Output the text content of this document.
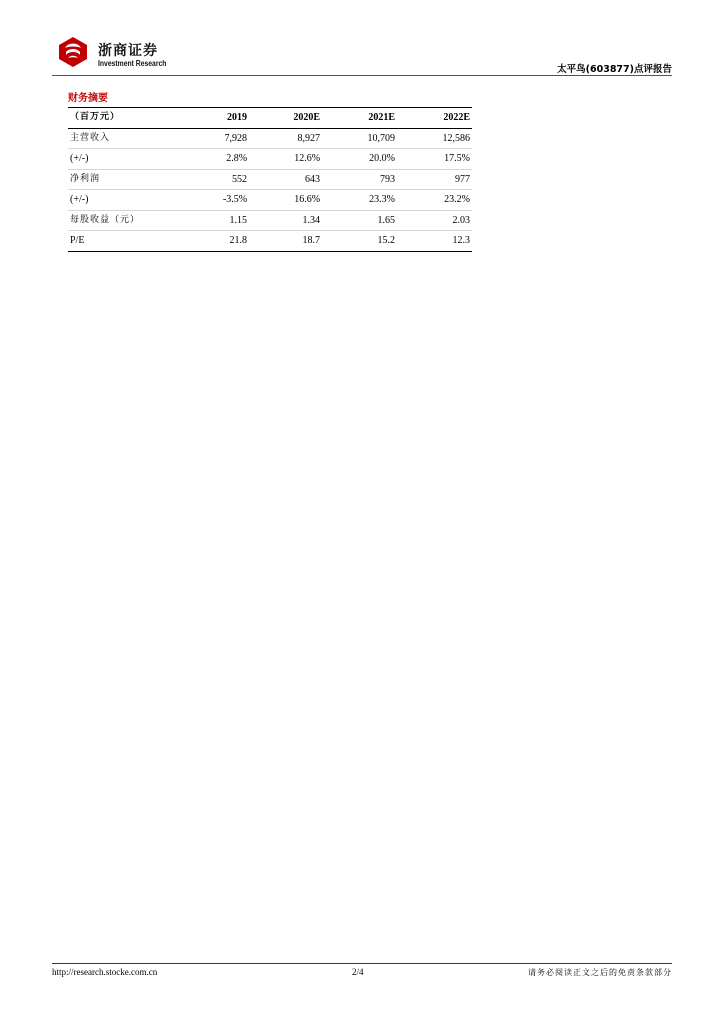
浙商证券
Investment Research
太平鸟(603877)点评报告
财务摘要
（百万元）	2019	2020E	2021E	2022E
主营收入	7,928	8,927	10,709	12,586
(+/-)	2.8%	12.6%	20.0%	17.5%
净利润	552	643	793	977
(+/-)	-3.5%	16.6%	23.3%	23.2%
每股收益（元）	1.15	1.34	1.65	2.03
P/E	21.8	18.7	15.2	12.3
http://research.stocke.com.cn	2/4	请务必阅读正文之后的免责条款部分
